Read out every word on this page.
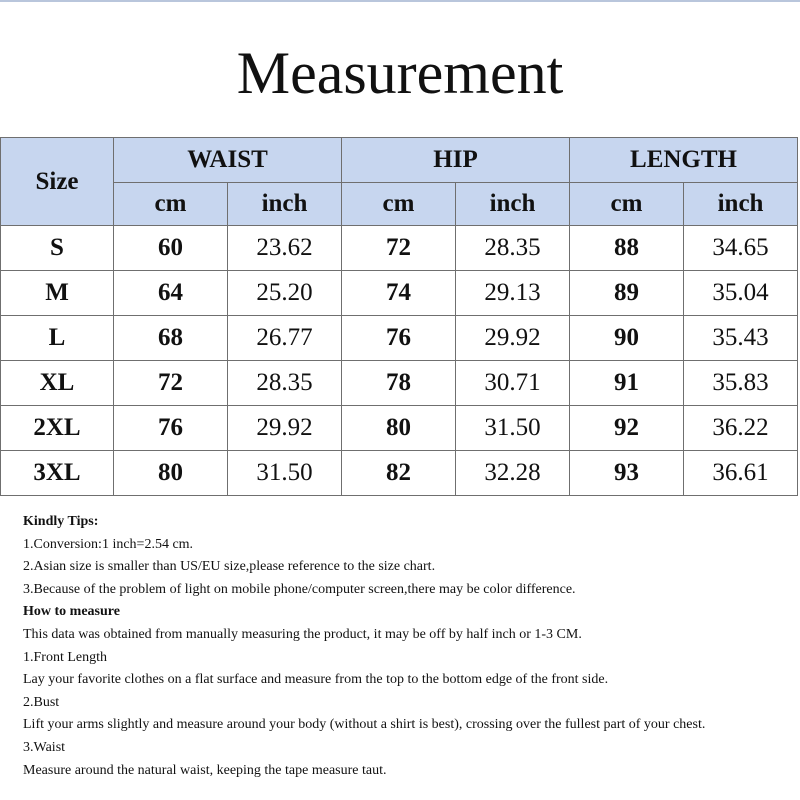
Measurement
Size	WAIST		HIP		LENGTH	
	cm	inch	cm	inch	cm	inch
S	60	23.62	72	28.35	88	34.65
M	64	25.20	74	29.13	89	35.04
L	68	26.77	76	29.92	90	35.43
XL	72	28.35	78	30.71	91	35.83
2XL	76	29.92	80	31.50	92	36.22
3XL	80	31.50	82	32.28	93	36.61
Kindly Tips:
1.Conversion:1 inch=2.54 cm.
2.Asian size is smaller than US/EU size,please reference to the size chart.
3.Because of the problem of light on mobile phone/computer screen,there may be color difference.
How to measure
This data was obtained from manually measuring the product, it may be off by half inch or 1-3 CM.
1.Front Length
Lay your favorite clothes on a flat surface and measure from the top to the bottom edge of the front side.
2.Bust
Lift your arms slightly and measure around your body (without a shirt is best), crossing over the fullest part of your chest.
3.Waist
Measure around the natural waist, keeping the tape measure taut.
